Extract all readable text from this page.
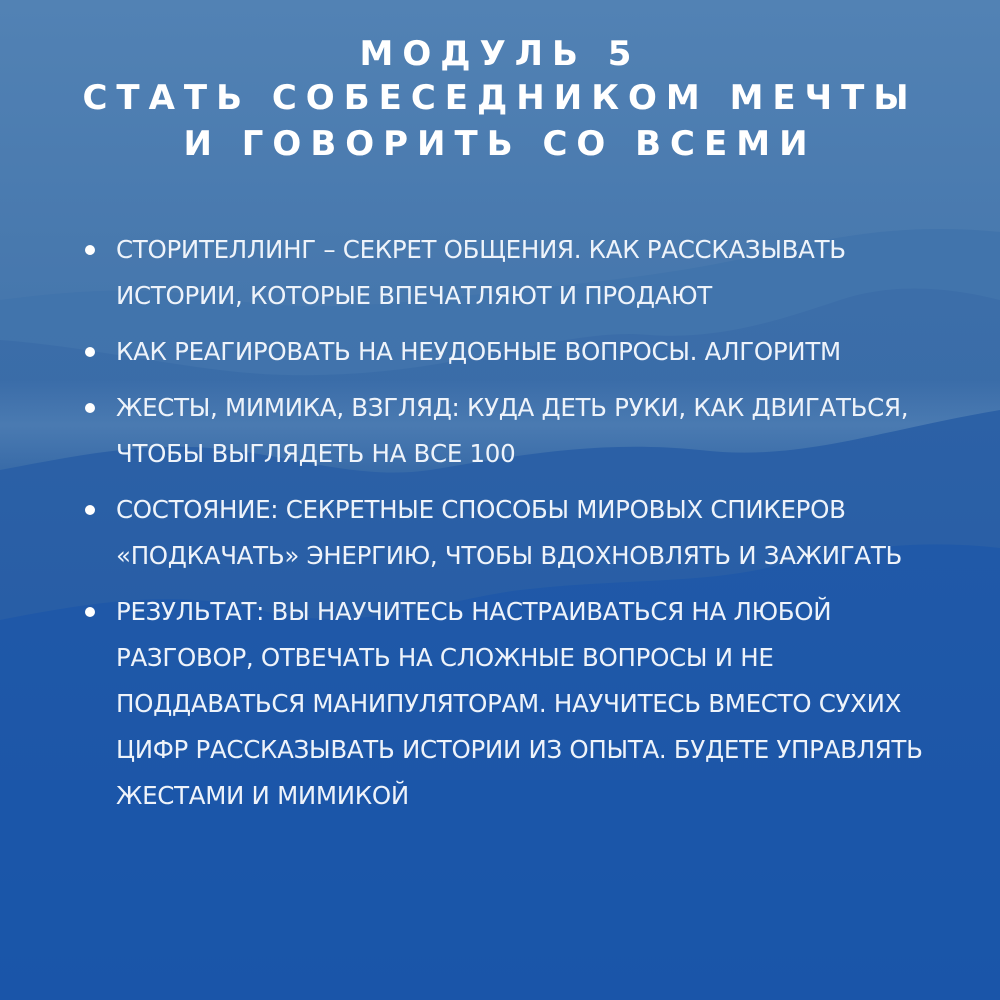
МОДУЛЬ 5
СТАТЬ СОБЕСЕДНИКОМ МЕЧТЫ
И ГОВОРИТЬ СО ВСЕМИ
СТОРИТЕЛЛИНГ – СЕКРЕТ ОБЩЕНИЯ. КАК РАССКАЗЫВАТЬ ИСТОРИИ, КОТОРЫЕ ВПЕЧАТЛЯЮТ И ПРОДАЮТ
КАК РЕАГИРОВАТЬ НА НЕУДОБНЫЕ ВОПРОСЫ. АЛГОРИТМ
ЖЕСТЫ, МИМИКА, ВЗГЛЯД: КУДА ДЕТЬ РУКИ, КАК ДВИГАТЬСЯ, ЧТОБЫ ВЫГЛЯДЕТЬ НА ВСЕ 100
СОСТОЯНИЕ: СЕКРЕТНЫЕ СПОСОБЫ МИРОВЫХ СПИКЕРОВ «ПОДКАЧАТЬ» ЭНЕРГИЮ, ЧТОБЫ ВДОХНОВЛЯТЬ И ЗАЖИГАТЬ
РЕЗУЛЬТАТ: ВЫ НАУЧИТЕСЬ НАСТРАИВАТЬСЯ НА ЛЮБОЙ РАЗГОВОР, ОТВЕЧАТЬ НА СЛОЖНЫЕ ВОПРОСЫ И НЕ ПОДДАВАТЬСЯ МАНИПУЛЯТОРАМ. НАУЧИТЕСЬ ВМЕСТО СУХИХ ЦИФР РАССКАЗЫВАТЬ ИСТОРИИ ИЗ ОПЫТА. БУДЕТЕ УПРАВЛЯТЬ ЖЕСТАМИ И МИМИКОЙ
